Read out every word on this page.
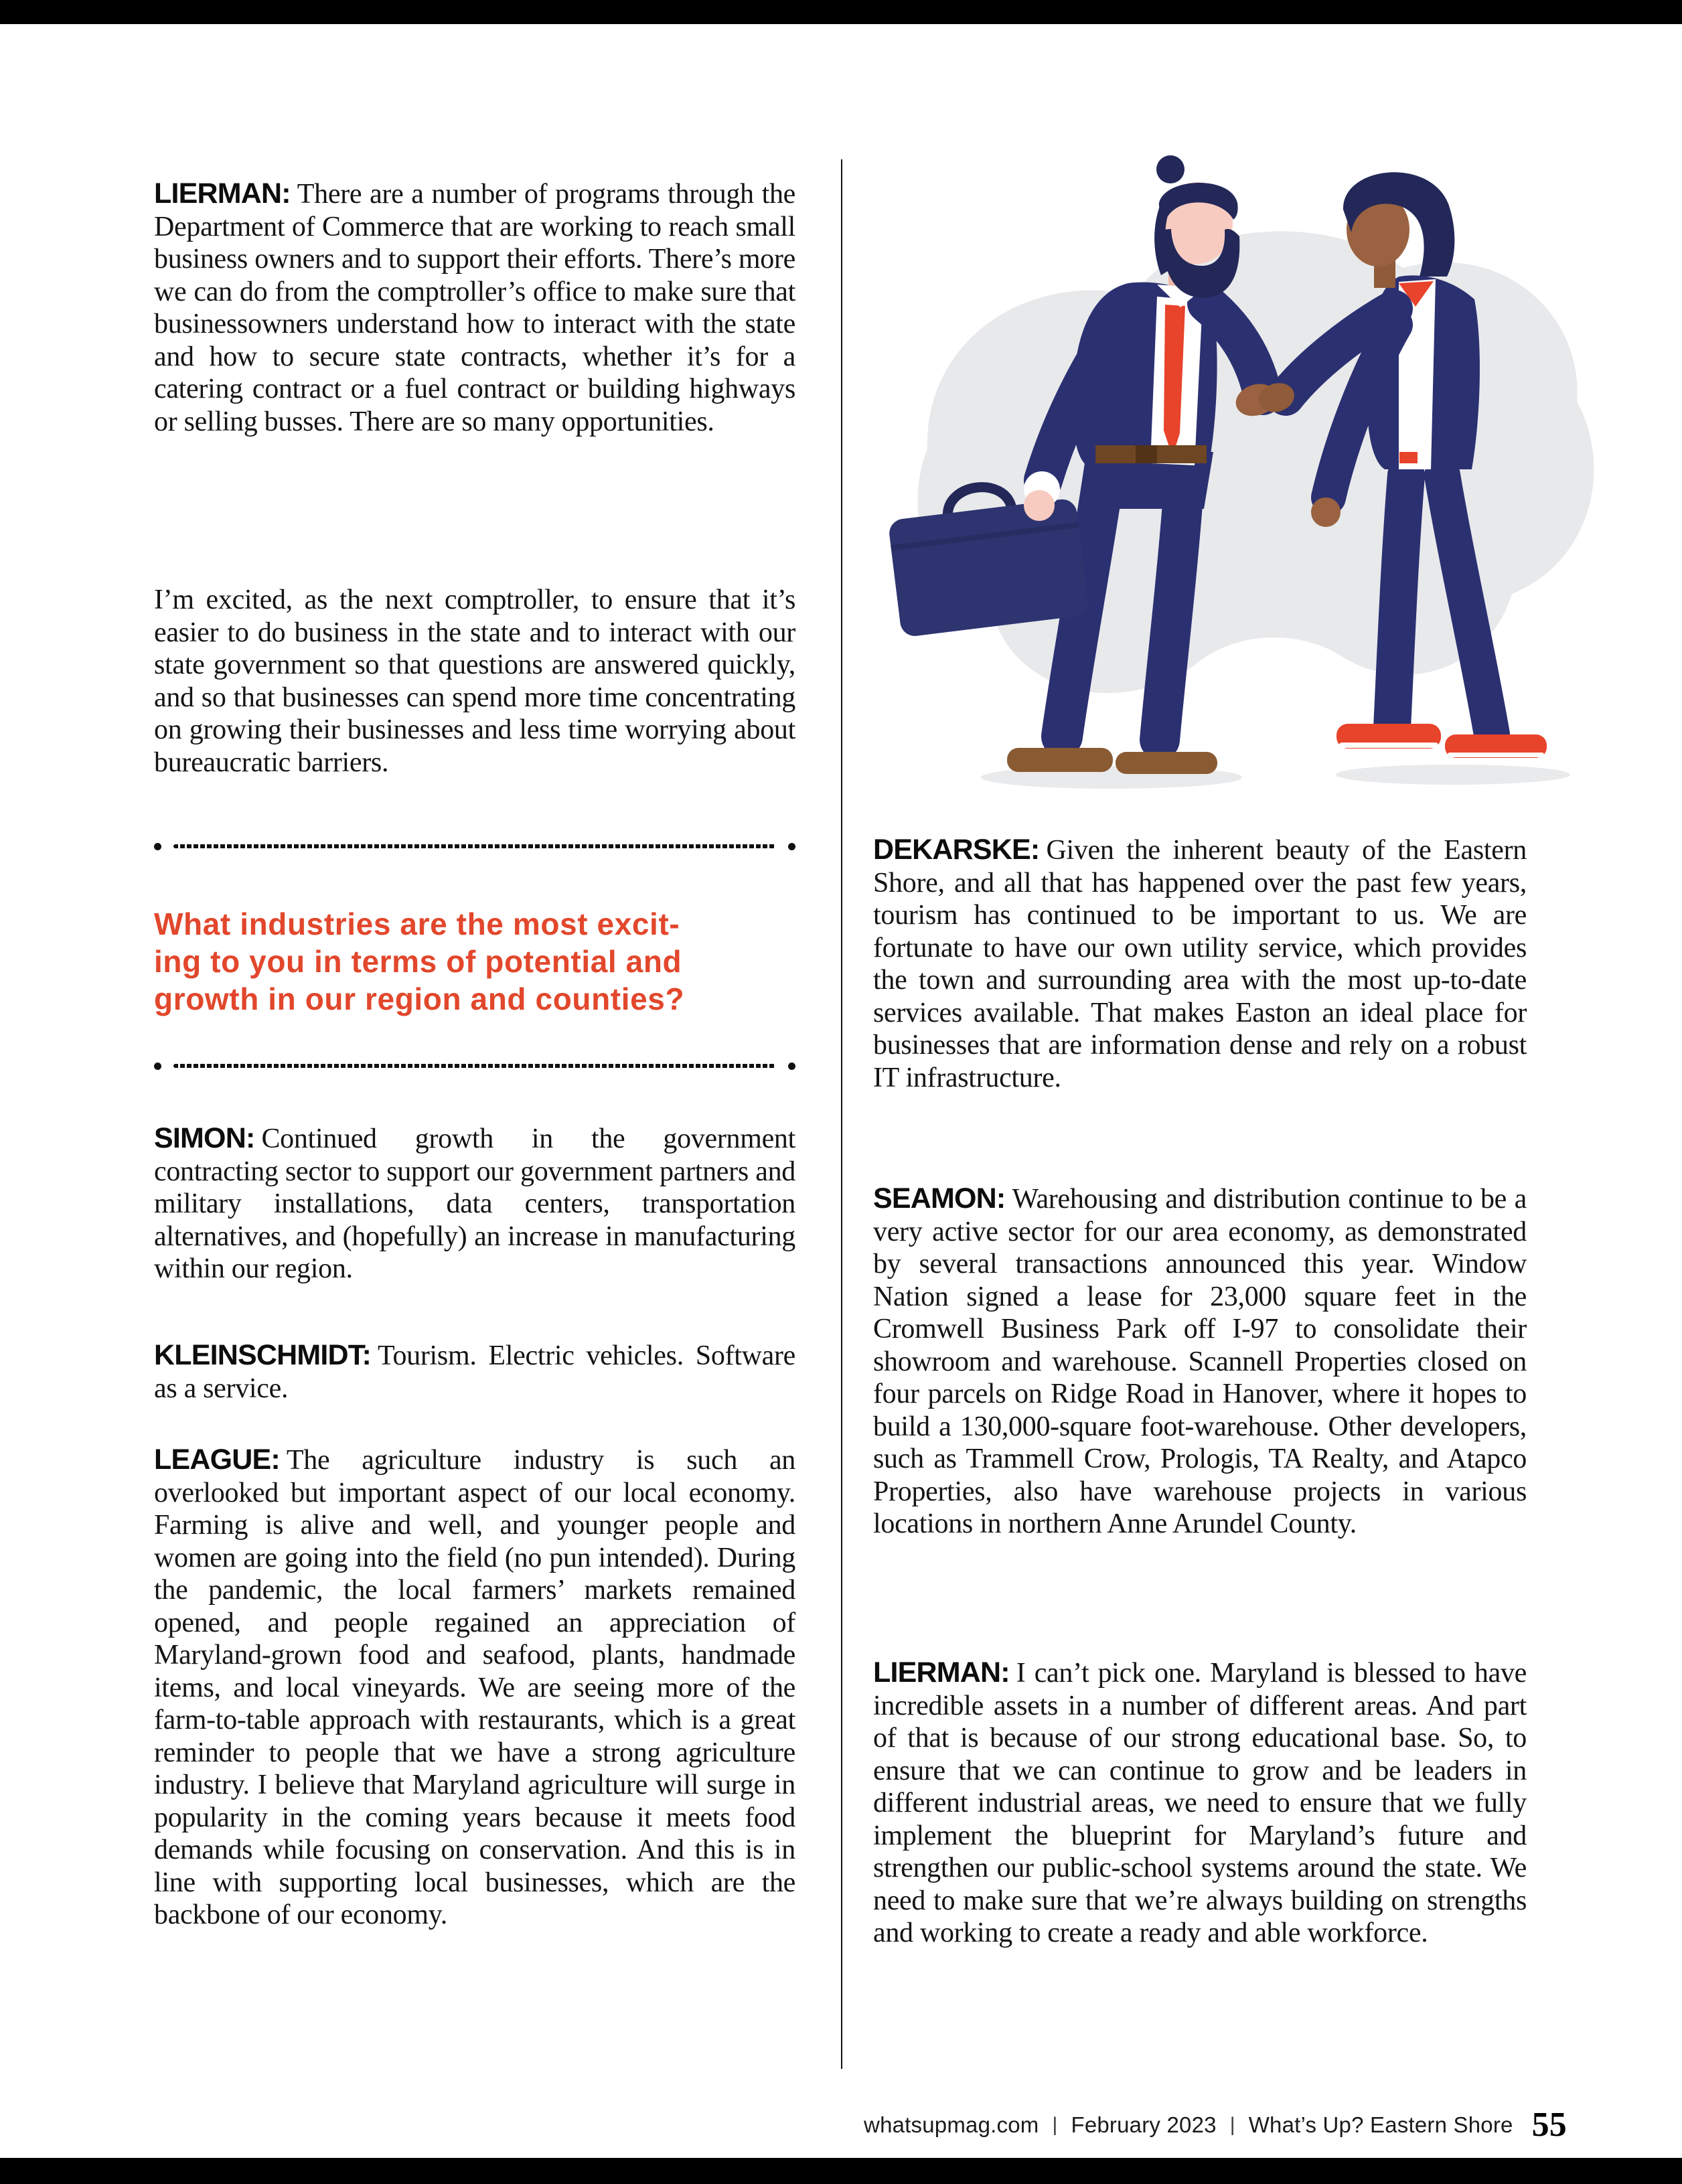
LIERMAN: There are a number of programs through the Department of Commerce that are working to reach small business owners and to support their efforts. There’s more we can do from the comptroller’s office to make sure that businessowners understand how to interact with the state and how to secure state contracts, whether it’s for a catering contract or a fuel contract or building highways or selling busses. There are so many opportunities.

I’m excited, as the next comptroller, to ensure that it’s easier to do business in the state and to interact with our state government so that questions are answered quickly, and so that businesses can spend more time concentrating on growing their businesses and less time worrying about bureaucratic barriers.

What industries are the most excit-
ing to you in terms of potential and
growth in our region and counties?

SIMON: Continued growth in the government contracting sector to support our government partners and military installations, data centers, transportation alternatives, and (hopefully) an increase in manufacturing within our region.

KLEINSCHMIDT: Tourism. Electric vehicles. Software as a service.

LEAGUE: The agriculture industry is such an overlooked but important aspect of our local economy. Farming is alive and well, and younger people and women are going into the field (no pun intended). During the pandemic, the local farmers’ markets remained opened, and people regained an appreciation of Maryland-grown food and seafood, plants, handmade items, and local vineyards. We are seeing more of the farm-to-table approach with restaurants, which is a great reminder to people that we have a strong agriculture industry. I believe that Maryland agriculture will surge in popularity in the coming years because it meets food demands while focusing on conservation. And this is in line with supporting local businesses, which are the backbone of our economy.

DEKARSKE: Given the inherent beauty of the Eastern Shore, and all that has happened over the past few years, tourism has continued to be important to us. We are fortunate to have our own utility service, which provides the town and surrounding area with the most up-to-date services available. That makes Easton an ideal place for businesses that are information dense and rely on a robust IT infrastructure.

SEAMON: Warehousing and distribution continue to be a very active sector for our area economy, as demonstrated by several transactions announced this year. Window Nation signed a lease for 23,000 square feet in the Cromwell Business Park off I-97 to consolidate their showroom and warehouse. Scannell Properties closed on four parcels on Ridge Road in Hanover, where it hopes to build a 130,000-square foot-warehouse. Other developers, such as Trammell Crow, Prologis, TA Realty, and Atapco Properties, also have warehouse projects in various locations in northern Anne Arundel County.

LIERMAN: I can’t pick one. Maryland is blessed to have incredible assets in a number of different areas. And part of that is because of our strong educational base. So, to ensure that we can continue to grow and be leaders in different industrial areas, we need to ensure that we fully implement the blueprint for Maryland’s future and strengthen our public-school systems around the state. We need to make sure that we’re always building on strengths and working to create a ready and able workforce.

whatsupmag.com | February 2023 | What’s Up? Eastern Shore 55
